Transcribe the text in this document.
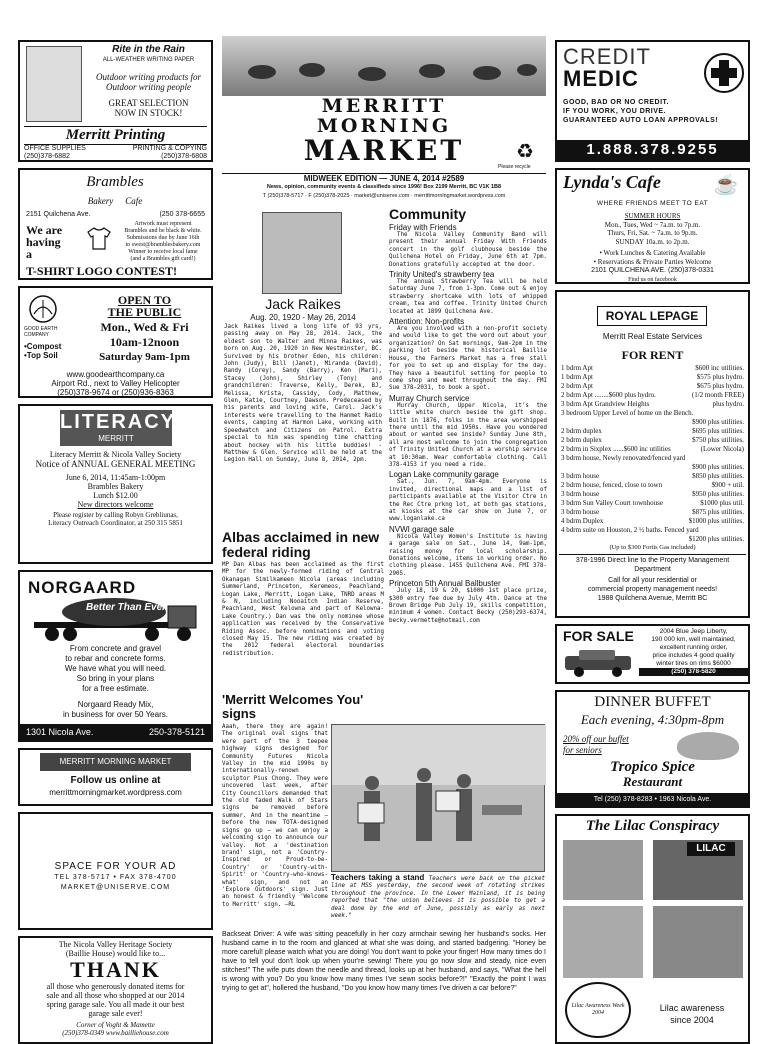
Rite in the Rain
ALL-WEATHER WRITING PAPER
Outdoor writing products for
Outdoor writing people
GREAT SELECTION
NOW IN STOCK!
Merritt Printing
OFFICE SUPPLIES
(250)378-6882
PRINTING & COPYING
(250)378-6808
Brambles
Bakery Cafe
2151 Quilchena Ave.	(250 378-6655
We are
having
a
Artwork must represent
Brambles and be black & white.
Submissions due by June 16th
to swest@bramblesbakery.com
Winner to receive local fame
(and a Brambles gift card!)
T-SHIRT LOGO CONTEST!
GOOD EARTH
COMPANY
•Compost
•Top Soil
OPEN TO
THE PUBLIC
Mon., Wed & Fri
10am-12noon
Saturday 9am-1pm
www.goodearthcompany.ca
Airport Rd., next to Valley Helicopter
(250)378-9674 or (250)936-8363
LITERACY
MERRITT
Literacy Merritt & Nicola Valley Society
Notice of ANNUAL GENERAL MEETING
June 6, 2014, 11:45am-1:00pm
Brambles Bakery
Lunch $12.00
New directors welcome
Please register by calling Robyn Grebliunas,
Literacy Outreach Coordinator, at 250 315 5851
NORGAARD
Better Than Ever
From concrete and gravel
to rebar and concrete forms.
We have what you will need.
So bring in your plans
for a free estimate.
Norgaard Ready Mix,
in business for over 50 Years.
1301 Nicola Ave.	250-378-5121
MERRITT MORNING MARKET
Follow us online at
merrittmorningmarket.wordpress.com
SPACE FOR YOUR AD
TEL 378-5717 • FAX 378-4700
MARKET@UNISERVE.COM
The Nicola Valley Heritage Society
(Baillie House) would like to...
THANK
all those who generously donated items for
sale and all those who shopped at our 2014
spring garage sale. You all made it our best
garage sale ever!
Corner of Voght & Mamette
(250)378-0349 www.bailliehouse.com
MERRITT
MORNING
MARKET	♻
Please recycle
MIDWEEK EDITION — JUNE 4, 2014 #2589
News, opinion, community events & classifieds since 1996! Box 2199 Merritt, BC V1K 1B8
T (250)378-5717 · F (250)378-2025 · market@uniserve.com · merrittmorningmarket.wordpress.com
Jack Raikes
Aug. 20, 1920 - May 26, 2014
Jack Raikes lived a long life of 93 yrs, passing away on May 28, 2014. Jack, the eldest son to Walter and Minna Raikes, was born on Aug. 20, 1920 in New Westminster, BC. Survived by his brother Eden, his children: John (Judy), Bill (Janet), Miranda (David), Randy (Corey), Sandy (Barry), Ken (Mari), Stacey (John), Shirley (Tony) and grandchildren: Traverse, Kelly, Derek, BJ, Melissa, Krista, Cassidy, Cody, Matthew, Glen, Katie, Courtney, Dawson. Predeceased by his parents and loving wife, Carol. Jack's interests were travelling to the Hanmet Radio events, camping at Harmon Lake, working with Speedwatch and Citizens on Patrol. Extra special to him was spending time chatting about hockey with his little buddies! - Matthew & Glen. Service will be held at the Legion Hall on Sunday, June 8, 2014, 2pm.
Albas acclaimed in new federal riding
MP Dan Albas has been acclaimed as the first MP for the newly-formed riding of Central Okanagan Similkameen Nicola (areas including Summerland, Princeton, Keremeos, Peachland, Logan Lake, Merritt, Logan Lake, TNRD areas M & N, including Nooaitch Indian Reserve, Peachland, West Kelowna and part of Kelowna-Lake Country.) Dan was the only nominee whose application was received by the Conservative Riding Assoc. before nominations and voting closed May 15. The new riding was created by the 2012 federal electoral boundaries redistribution.
'Merritt Welcomes You' signs
Aaah, there they are again! The original oval signs that were part of the 3 teepee highway signs designed for Community Futures Nicola Valley in the mid 1990s by internationally-renown sculptor Pius Chong. They were uncovered last week, after City Councillors demanded that the old faded Walk of Stars signs be removed before summer. And in the meantime — before the new TOTA-designed signs go up — we can enjoy a welcoming sign to announce our valley. Not a 'destination brand' sign, not a 'Country-Inspired or Proud-to-be-Country' or 'Country-with-Spirit' or 'Country-who-knows-what' sign, and not an 'Explore Outdoors' sign. Just an honest & friendly 'Welcome to Merritt' sign. —RL
Teachers taking a stand Teachers were back on the picket line at MSS yesterday, the second week of rotating strikes throughout the province. In the Lower Mainland, it is being reported that "the union believes it is possible to get a deal done by the end of June, possibly as early as next week."
Backseat Driver: A wife was sitting peacefully in her cozy armchair sewing her husband's socks. Her husband came in to the room and glanced at what she was doing, and started badgering. "Honey be more careful! please watch what you are doing! You don't want to poke your finger! How many times do I have to tell you! don't look up when your're sewing! There you go now slow and steady, nice even stitches!" The wife puts down the needle and thread, looks up at her husband, and says, "What the hell is wrong with you? Do you know how many times I've sewn socks before?!" "Exactly the point I was trying to get at", hollered the husband, "Do you know how many times I've driven a car before?"
Community
Friday with Friends
The Nicola Valley Community Band will present their annual Friday With Friends concert in the golf clubhouse beside the Quilchena Hotel on Friday, June 6th at 7pm. Donations gratefully accepted at the door.
Trinity United's strawberry tea
The annual Strawberry Tea will be held Saturday June 7, from 1-3pm. Come out & enjoy strawberry shortcake with lots of whipped cream, tea and coffee. Trinity United Church located at 1899 Quilchena Ave.
Attention: Non-profits
Are you involved with a non-profit society and would like to get the word out about your organization? On Sat mornings, 9am-2pm in the parking lot beside the historical Baillie House, the Farmers Market has a free stall for you to set up and display for the day. They have a beautiful setting for people to come shop and meet throughout the day. FMI Sue 378-2031, to book a spot.
Murray Church service
Murray Church, Upper Nicola, it's the little white church beside the gift shop. Built in 1876, folks in the area worshipped there until the mid 1950s. Have you wondered about or wanted see inside? Sunday June 8th, all are most welcome to join the congregation of Trinity United Church at a worship service at 10:30am. Wear comfortable clothing. Call 378-4153 if you need a ride.
Logan Lake community garage
Sat., Jun. 7, 9am-4pm. Everyone is invited, directional maps and a list of participants available at the Visitor Ctre in the Rec Ctre prkng lot, at both gas stations, at kiosks at the car show on June 7, or www.loganlake.ca
NVWI garage sale
Nicola Valley Women's Institute is having a garage sale on Sat., June 14, 9am-1pm, raising money for local scholarship. Donations welcome, items in working order. No clothing please. 1455 Quilchena Ave. FMI 378-2905.
Princeton 5th Annual Ballbuster
July 18, 19 & 20, $1000 1st place prize, $300 entry fee due by July 4th. Dance at the Brown Bridge Pub July 19, skills competition, minimum 4 women. Contact Becky (250)293-6374, becky.vermette@hotmail.com
CREDIT
MEDIC
GOOD, BAD OR NO CREDIT.
IF YOU WORK, YOU DRIVE.
GUARANTEED AUTO LOAN APPROVALS!
1.888.378.9255
Lynda's Cafe	☕
WHERE FRIENDS MEET TO EAT
SUMMER HOURS
Mon., Tues, Wed ~ 7a.m. to 7p.m.
Thurs, Fri, Sat. ~ 7a.m. to 9p.m.
SUNDAY 10a.m. to 2p.m.
• Work Lunches & Catering Available
• Reservations & Private Parties Welcome
2101 QUILCHENA AVE. (250)378-0331
Find us on facebook
ROYAL LEPAGE
Merritt Real Estate Services
FOR RENT
1 bdrm Apt	$600 inc utilities.
1 bdrm Apt	$575 plus hydro.
2 bdrm Apt	$675 plus hydro.
2 bdrm Apt ........$600 plus hydro.	(1/2 month FREE)
3 bdrm Apt Grandview Heights	plus hydro.
3 bedroom Upper Level of home on the Bench.
$900 plus utilities.
2 bdrm duplex	$695 plus utilities.
2 bdrm duplex	$750 plus utilities.
2 bdrm in Sixplex ......$600 inc utilities	(Lower Nicola)
3 bdrm house, Newly renovated/fenced yard
$900 plus utilities.
3 bdrm house	$850 plus utilities.
2 bdrm house, fenced, close to town	$900 + util.
3 bdrm house	$950 plus utilities.
3 bdrm Sun Valley Court townhouse	$1000 plus util.
3 bdrm house	$875 plus utilities.
4 bdrm Duplex	$1000 plus utilities.
4 bdrm suite on Houston, 2 ½ baths. Fenced yard
$1200 plus utilities.
(Up to $300 Fortis Gas included)
378-1996 Direct line to the Property Management Department
Call for all your residential or
commercial property management needs!
1988 Quilchena Avenue, Merritt BC
FOR SALE	2004 Blue Jeep Liberty,
190 000 km, well maintained,
excellent running order,
price includes 4 good quality
winter tires on rims $6000
(250) 378-5820
DINNER BUFFET
Each evening, 4:30pm-8pm
20% off our buffet
for seniors
Tropico Spice
Restaurant
Tel (250) 378-8283 • 1963 Nicola Ave.
The Lilac Conspiracy
LILAC
Lilac Awareness Week 2004	Lilac awareness
since 2004
